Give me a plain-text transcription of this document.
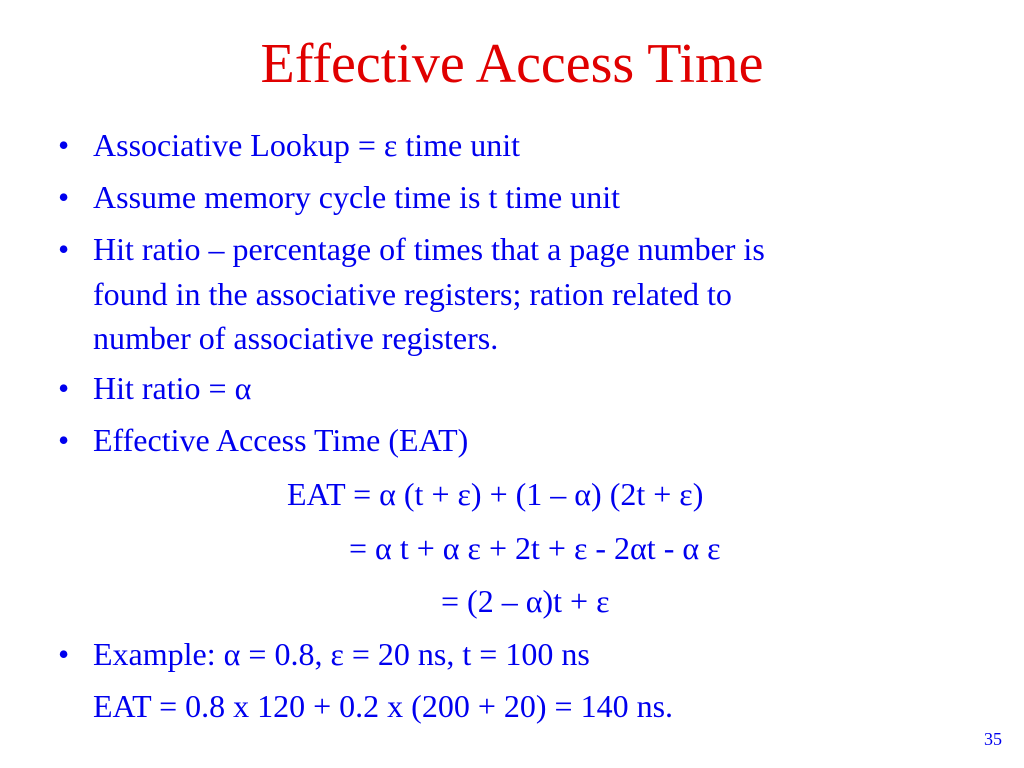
Effective Access Time
• Associative Lookup = ε time unit
• Assume memory cycle time is t time unit
• Hit ratio – percentage of times that a page number is
found in the associative registers; ration related to
number of associative registers.
• Hit ratio = α
• Effective Access Time (EAT)
EAT = α (t + ε) + (1 – α) (2t + ε)
= α t + α ε + 2t + ε - 2αt - α ε
= (2 – α)t + ε
• Example: α = 0.8, ε = 20 ns, t = 100 ns
EAT = 0.8 x 120 + 0.2 x (200 + 20) = 140 ns.
35
